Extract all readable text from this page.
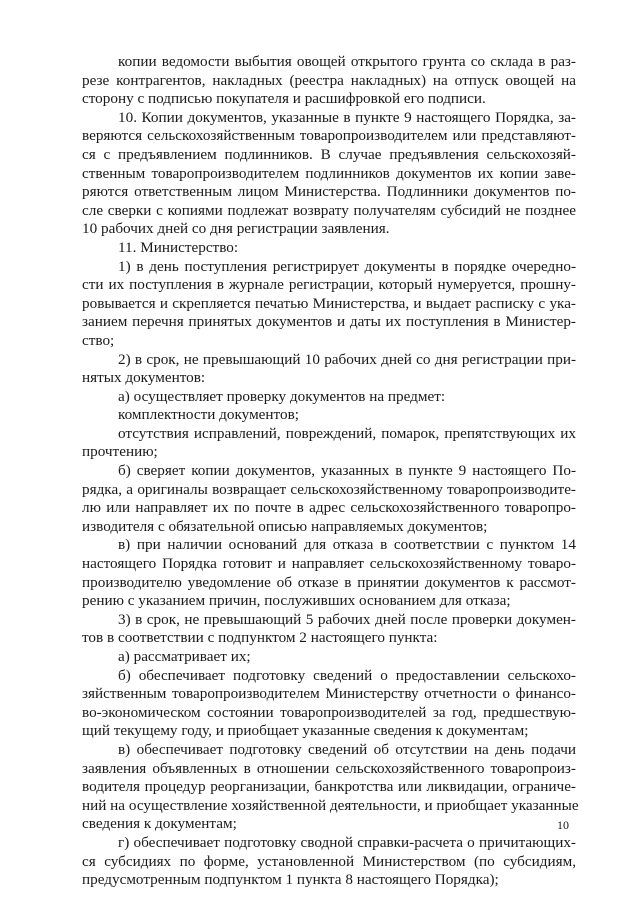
копии ведомости выбытия овощей открытого грунта со склада в раз-
резе контрагентов, накладных (реестра накладных) на отпуск овощей на
сторону с подписью покупателя и расшифровкой его подписи.
10. Копии документов, указанные в пункте 9 настоящего Порядка, за-
веряются сельскохозяйственным товаропроизводителем или представляют-
ся с предъявлением подлинников. В случае предъявления сельскохозяй-
ственным товаропроизводителем подлинников документов их копии заве-
ряются ответственным лицом Министерства. Подлинники документов по-
сле сверки с копиями подлежат возврату получателям субсидий не позднее
10 рабочих дней со дня регистрации заявления.
11. Министерство:
1) в день поступления регистрирует документы в порядке очередно-
сти их поступления в журнале регистрации, который нумеруется, прошну-
ровывается и скрепляется печатью Министерства, и выдает расписку с ука-
занием перечня принятых документов и даты их поступления в Министер-
ство;
2) в срок, не превышающий 10 рабочих дней со дня регистрации при-
нятых документов:
а) осуществляет проверку документов на предмет:
комплектности документов;
отсутствия исправлений, повреждений, помарок, препятствующих их
прочтению;
б) сверяет копии документов, указанных в пункте 9 настоящего По-
рядка, а оригиналы возвращает сельскохозяйственному товаропроизводите-
лю или направляет их по почте в адрес сельскохозяйственного товаропро-
изводителя с обязательной описью направляемых документов;
в) при наличии оснований для отказа в соответствии с пунктом 14
настоящего Порядка готовит и направляет сельскохозяйственному товаро-
производителю уведомление об отказе в принятии документов к рассмот-
рению с указанием причин, послуживших основанием для отказа;
3) в срок, не превышающий 5 рабочих дней после проверки докумен-
тов в соответствии с подпунктом 2 настоящего пункта:
а) рассматривает их;
б) обеспечивает подготовку сведений о предоставлении сельскохо-
зяйственным товаропроизводителем Министерству отчетности о финансо-
во-экономическом состоянии товаропроизводителей за год, предшествую-
щий текущему году, и приобщает указанные сведения к документам;
в) обеспечивает подготовку сведений об отсутствии на день подачи
заявления объявленных в отношении сельскохозяйственного товаропроиз-
водителя процедур реорганизации, банкротства или ликвидации, ограниче-
ний на осуществление хозяйственной деятельности, и приобщает указанные
сведения к документам;
г) обеспечивает подготовку сводной справки-расчета о причитающих-
ся субсидиях по форме, установленной Министерством (по субсидиям,
предусмотренным подпунктом 1 пункта 8 настоящего Порядка);
10
